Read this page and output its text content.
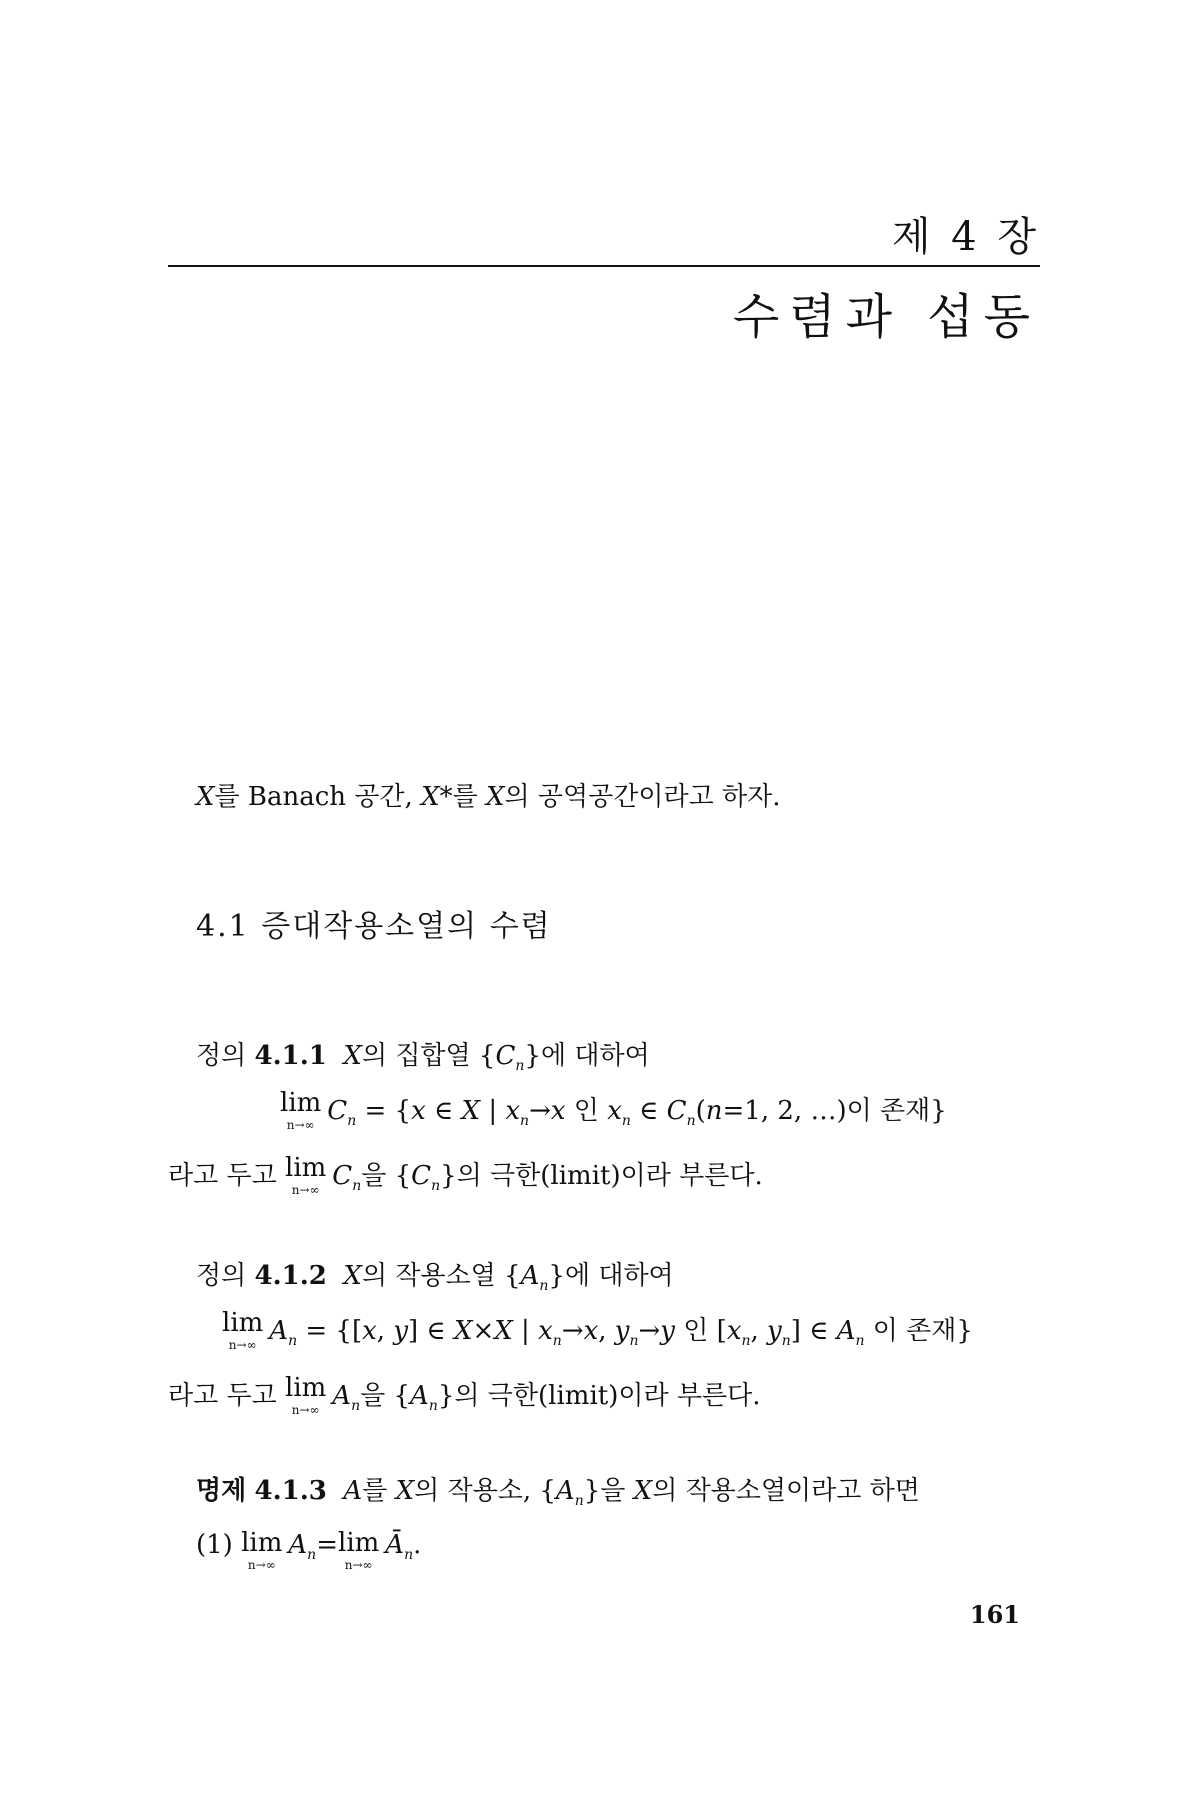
제 4 장
수렴과 섭동
X를 Banach 공간, X*를 X의 공역공간이라고 하자.
4.1 증대작용소열의 수렴
정의 4.1.1 X의 집합열 $\{C_n\}$에 대하여
lim
n→∞ $C_n = \{x$ ∈ X | $x_n\to x$ 인 $x_n$ ∈ $C_n(n=1$, 2, …)이 존재}
라고 두고 lim
n→∞ $C_n$을 $\{C_n\}$의 극한(limit)이라 부른다.
정의 4.1.2 X의 작용소열 $\{A_n\}$에 대하여
lim
n→∞ $A_n = \{[x$, y] ∈ X×X | $x_n\to x$, $y_n\to y$ 인 [$x_n$, $y_n$] ∈ $A_n$ 이 존재}
라고 두고 lim
n→∞ $A_n$을 $\{A_n\}$의 극한(limit)이라 부른다.
명제 4.1.3 A를 X의 작용소, $\{A_n\}$을 X의 작용소열이라고 하면
(1) lim
n→∞
$A_n=\lim$
n→∞
$Ā_n$.
161
